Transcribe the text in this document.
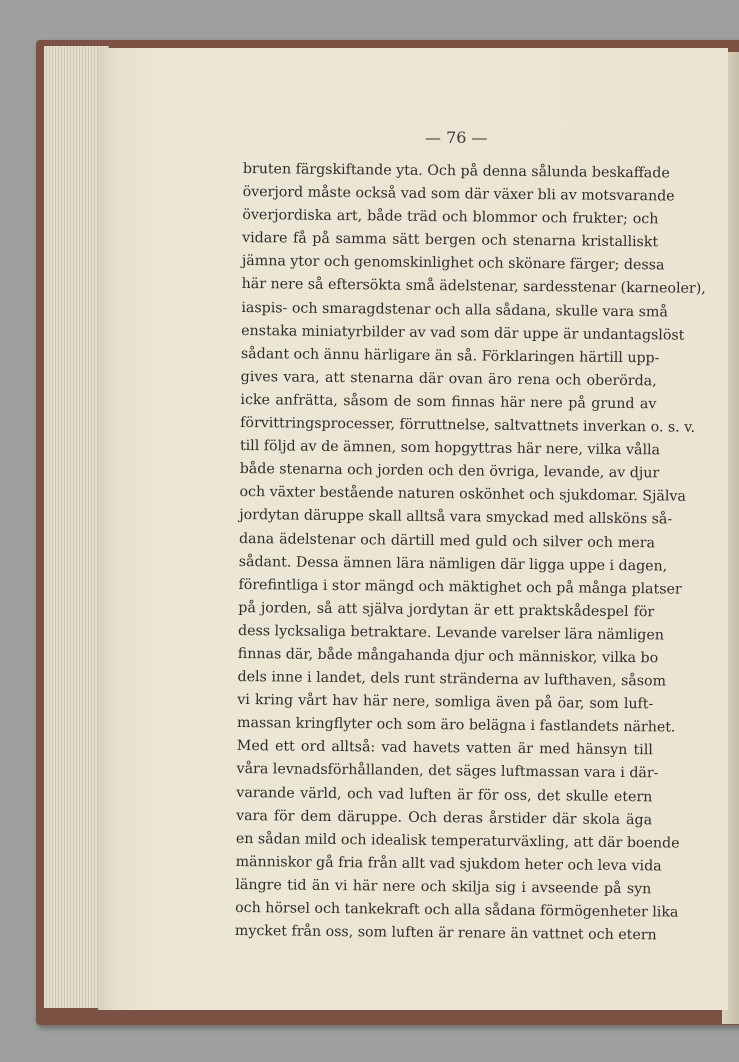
— 76 —
bruten färgskiftande yta. Och på denna sålunda beskaffade
överjord måste också vad som där växer bli av motsvarande
överjordiska art, både träd och blommor och frukter; och
vidare få på samma sätt bergen och stenarna kristalliskt
jämna ytor och genomskinlighet och skönare färger; dessa
här nere så eftersökta små ädelstenar, sardesstenar (karneoler),
iaspis- och smaragdstenar och alla sådana, skulle vara små
enstaka miniatyrbilder av vad som där uppe är undantagslöst
sådant och ännu härligare än så. Förklaringen härtill upp-
gives vara, att stenarna där ovan äro rena och oberörda,
icke anfrätta, såsom de som finnas här nere på grund av
förvittringsprocesser, förruttnelse, saltvattnets inverkan o. s. v.
till följd av de ämnen, som hopgyttras här nere, vilka vålla
både stenarna och jorden och den övriga, levande, av djur
och växter bestående naturen oskönhet och sjukdomar. Själva
jordytan däruppe skall alltså vara smyckad med allsköns så-
dana ädelstenar och därtill med guld och silver och mera
sådant. Dessa ämnen lära nämligen där ligga uppe i dagen,
förefintliga i stor mängd och mäktighet och på många platser
på jorden, så att själva jordytan är ett praktskådespel för
dess lycksaliga betraktare. Levande varelser lära nämligen
finnas där, både mångahanda djur och människor, vilka bo
dels inne i landet, dels runt stränderna av lufthaven, såsom
vi kring vårt hav här nere, somliga även på öar, som luft-
massan kringflyter och som äro belägna i fastlandets närhet.
Med ett ord alltså: vad havets vatten är med hänsyn till
våra levnadsförhållanden, det säges luftmassan vara i där-
varande värld, och vad luften är för oss, det skulle etern
vara för dem däruppe. Och deras årstider där skola äga
en sådan mild och idealisk temperaturväxling, att där boende
människor gå fria från allt vad sjukdom heter och leva vida
längre tid än vi här nere och skilja sig i avseende på syn
och hörsel och tankekraft och alla sådana förmögenheter lika
mycket från oss, som luften är renare än vattnet och etern
